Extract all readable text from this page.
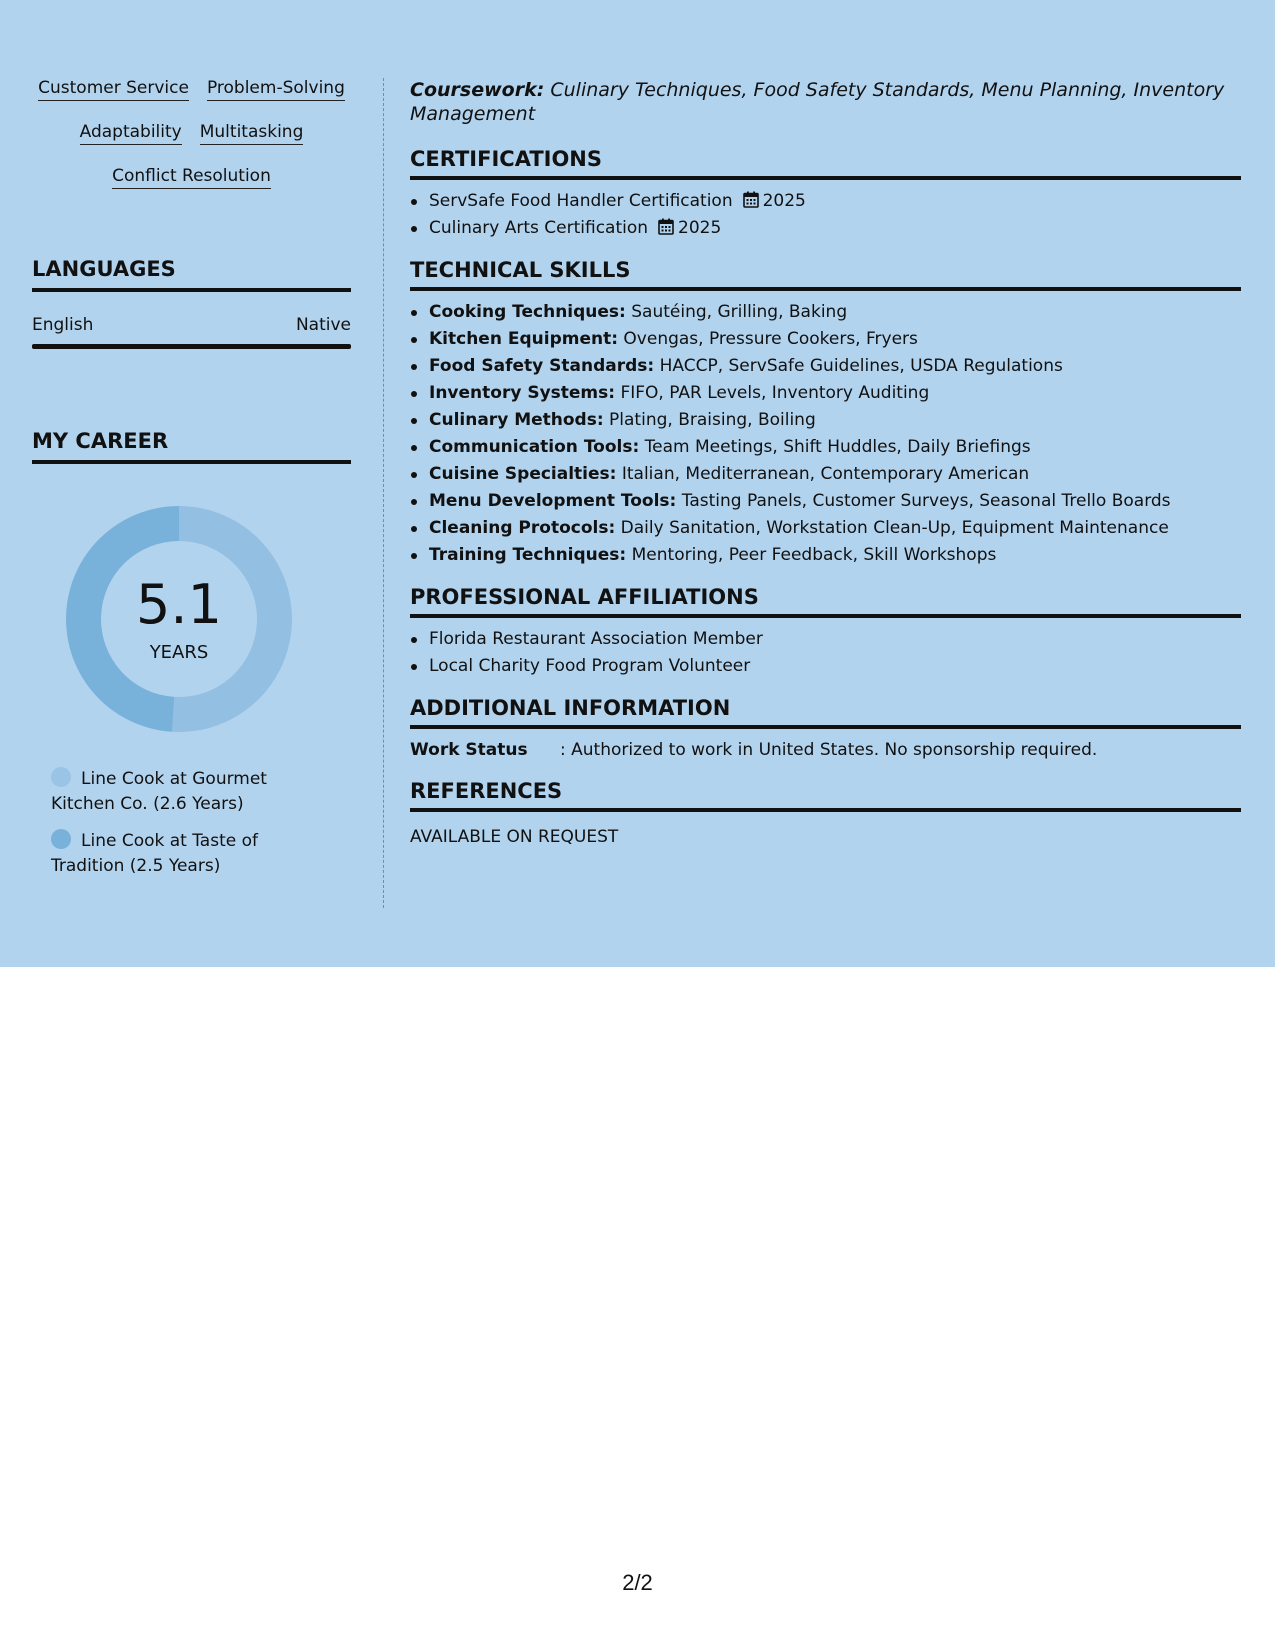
Customer Service Problem-Solving
Adaptability Multitasking
Conflict Resolution
LANGUAGES
English	Native
MY CAREER
5.1
YEARS
Line Cook at Gourmet Kitchen Co. (2.6 Years)
Line Cook at Taste of Tradition (2.5 Years)
Coursework: Culinary Techniques, Food Safety Standards, Menu Planning, Inventory Management
CERTIFICATIONS
ServSafe Food Handler Certification 2025
Culinary Arts Certification 2025
TECHNICAL SKILLS
Cooking Techniques: Sautéing, Grilling, Baking
Kitchen Equipment: Ovengas, Pressure Cookers, Fryers
Food Safety Standards: HACCP, ServSafe Guidelines, USDA Regulations
Inventory Systems: FIFO, PAR Levels, Inventory Auditing
Culinary Methods: Plating, Braising, Boiling
Communication Tools: Team Meetings, Shift Huddles, Daily Briefings
Cuisine Specialties: Italian, Mediterranean, Contemporary American
Menu Development Tools: Tasting Panels, Customer Surveys, Seasonal Trello Boards
Cleaning Protocols: Daily Sanitation, Workstation Clean-Up, Equipment Maintenance
Training Techniques: Mentoring, Peer Feedback, Skill Workshops
PROFESSIONAL AFFILIATIONS
Florida Restaurant Association Member
Local Charity Food Program Volunteer
ADDITIONAL INFORMATION
Work Status	: Authorized to work in United States. No sponsorship required.
REFERENCES
AVAILABLE ON REQUEST
2/2
